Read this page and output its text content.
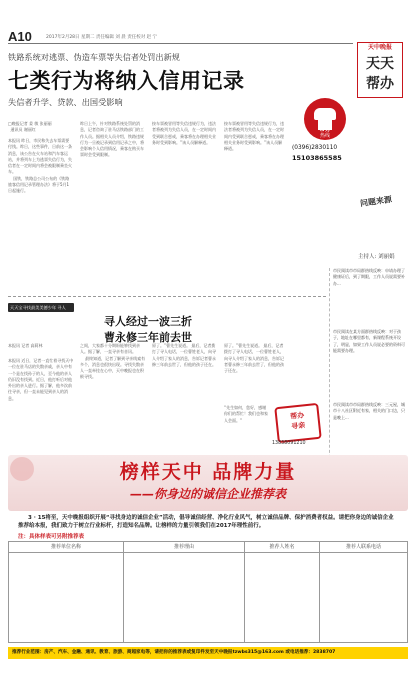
A10	2017年2月28日 星期二 责任编辑 刘 晨 责任校对 赵 宁
天中晚报
天天
帮办
铁路系统对逃票、伪造车票等失信者处罚出新规
七类行为将纳入信用记录
失信者升学、贷款、出国受影响
□晚报记者 姜 敏 张丽丽
通讯员 谢丽红
本报讯 昨日，市民称失去车票需要付钱。昨日，这些事件，日前这一条消息，该公告在火车站和汽车客运站，并将列车上为逃票失信行为，失信者在一定时间内将会被限制乘坐火车。
国铁，铁路总公司公布的《铁路旅客信用记录管理办法》将于5月1日起施行。
昨日上午，针对铁路系统处罚的消息，记者咨询了驻马店铁路部门的工作人员。据相关人员介绍，铁路违规行为一旦被记录到信用记录之中，将会影响个人信用情况，乘客在购买车票时会受到限制。
按车票被冒用等失信违规行为，违法者将被列为失信人员，在一定时间内受到联合惩戒，乘客将在办理相关业务时受到影响。”该人员解释道。
按车票被冒用等失信违规行为，违法者将被列为失信人员，在一定时间内受到联合惩戒，乘客将在办理相关业务时受到影响。”该人员解释道。
帮办
热线
(0396)2830110
15103865585
问题来源
主持人: 刘丽娟
市民阅读市市局群热线反映：申请办理了健康证后，到了期限，工作人员说需要补办...
市民阅读在某方面群热线反映：对于孩子，地址在哪里都有，新课程系统开设了，明显，如果工作人员说必要的资料可能需要办理。
市民阅读市市局群热线反映：三元屋，城市十八社区附近有家，相关的门口边，只是晚上...
天天宝寻找最美美德少年 寻人
寻人经过一波三折
曹永修三年前去世
本报讯 记者 高莉林
本报讯 近日，记者一直忙着寻找天中一位在驻马店的失散亲戚，亲人中有一个是在找孙子的人，至今他的亲人仍旧没有找到。近日，他打听后对他外出的亲人进行。据了解，他多次前往寻亲，但一直未能见到亲人的消息。
之间，大家都十分期盼能够找到亲人。据了解，一直寻亲有音讯。
最终知道，记者了解到寻亲线索有多个，消息也很快出现。寻找失散亲人一直牵挂在心中，天中晚报也在积极寻找。
原了。”曹先生说道。 最后，记者拨打了寻人电话，一位曹姓老人，向寻人介绍了家人的消息，告诉记者曹永修三年前去世了，但他的孩子还在。
原了。”曹先生说道。 最后，记者拨打了寻人电话，一位曹姓老人，向寻人介绍了家人的消息，告诉记者曹永修三年前去世了，但他的孩子还在。
“先生如何，您好，感谢你们的帮忙！我们也和家人会面。”	帮办
寻亲
13838091210
榜样天中 品牌力量
——你身边的诚信企业推荐表
3 · 15将至，天中晚报组织开展“寻找身边的诚信企业”活动，倡导诚信经营、净化行业风气，树立诚信品牌、保护消费者权益。请把你身边的诚信企业推荐给本报，我们致力于树立行业标杆，打造知名品牌。让榜样的力量引领我们在2017年理性前行。
注：具体样表可另附推荐表
推荐单位名称	推荐理由	推荐人姓名	推荐人联系电话
推荐行业范围：房产、汽车、金融、通讯、教育、旅游、商超家电等，请把你的推荐表或复印件发至天中晚报tzwbs315@163.com 或电话推荐：2838707
